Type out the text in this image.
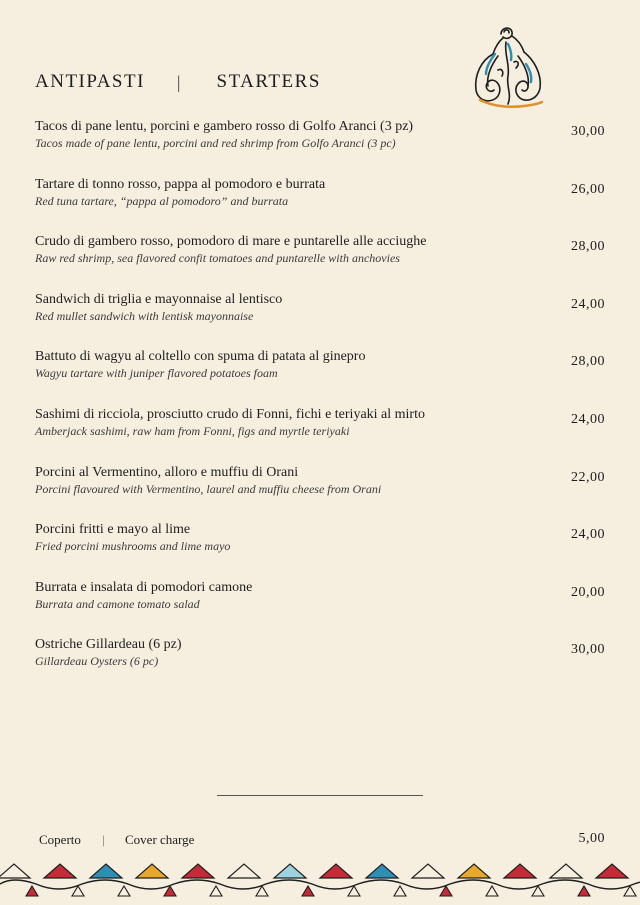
ANTIPASTI | STARTERS
Tacos di pane lentu, porcini e gambero rosso di Golfo Aranci (3 pz)
Tacos made of pane lentu, porcini and red shrimp from Golfo Aranci (3 pc)
30,00
Tartare di tonno rosso, pappa al pomodoro e burrata
Red tuna tartare, “pappa al pomodoro” and burrata
26,00
Crudo di gambero rosso, pomodoro di mare e puntarelle alle acciughe
Raw red shrimp, sea flavored confit tomatoes and puntarelle with anchovies
28,00
Sandwich di triglia e mayonnaise al lentisco
Red mullet sandwich with lentisk mayonnaise
24,00
Battuto di wagyu al coltello con spuma di patata al ginepro
Wagyu tartare with juniper flavored potatoes foam
28,00
Sashimi di ricciola, prosciutto crudo di Fonni, fichi e teriyaki al mirto
Amberjack sashimi, raw ham from Fonni, figs and myrtle teriyaki
24,00
Porcini al Vermentino, alloro e muffiu di Orani
Porcini flavoured with Vermentino, laurel and muffiu cheese from Orani
22,00
Porcini fritti e mayo al lime
Fried porcini mushrooms and lime mayo
24,00
Burrata e insalata di pomodori camone
Burrata and camone tomato salad
20,00
Ostriche Gillardeau (6 pz)
Gillardeau Oysters (6 pc)
30,00
Coperto | Cover charge	5,00
